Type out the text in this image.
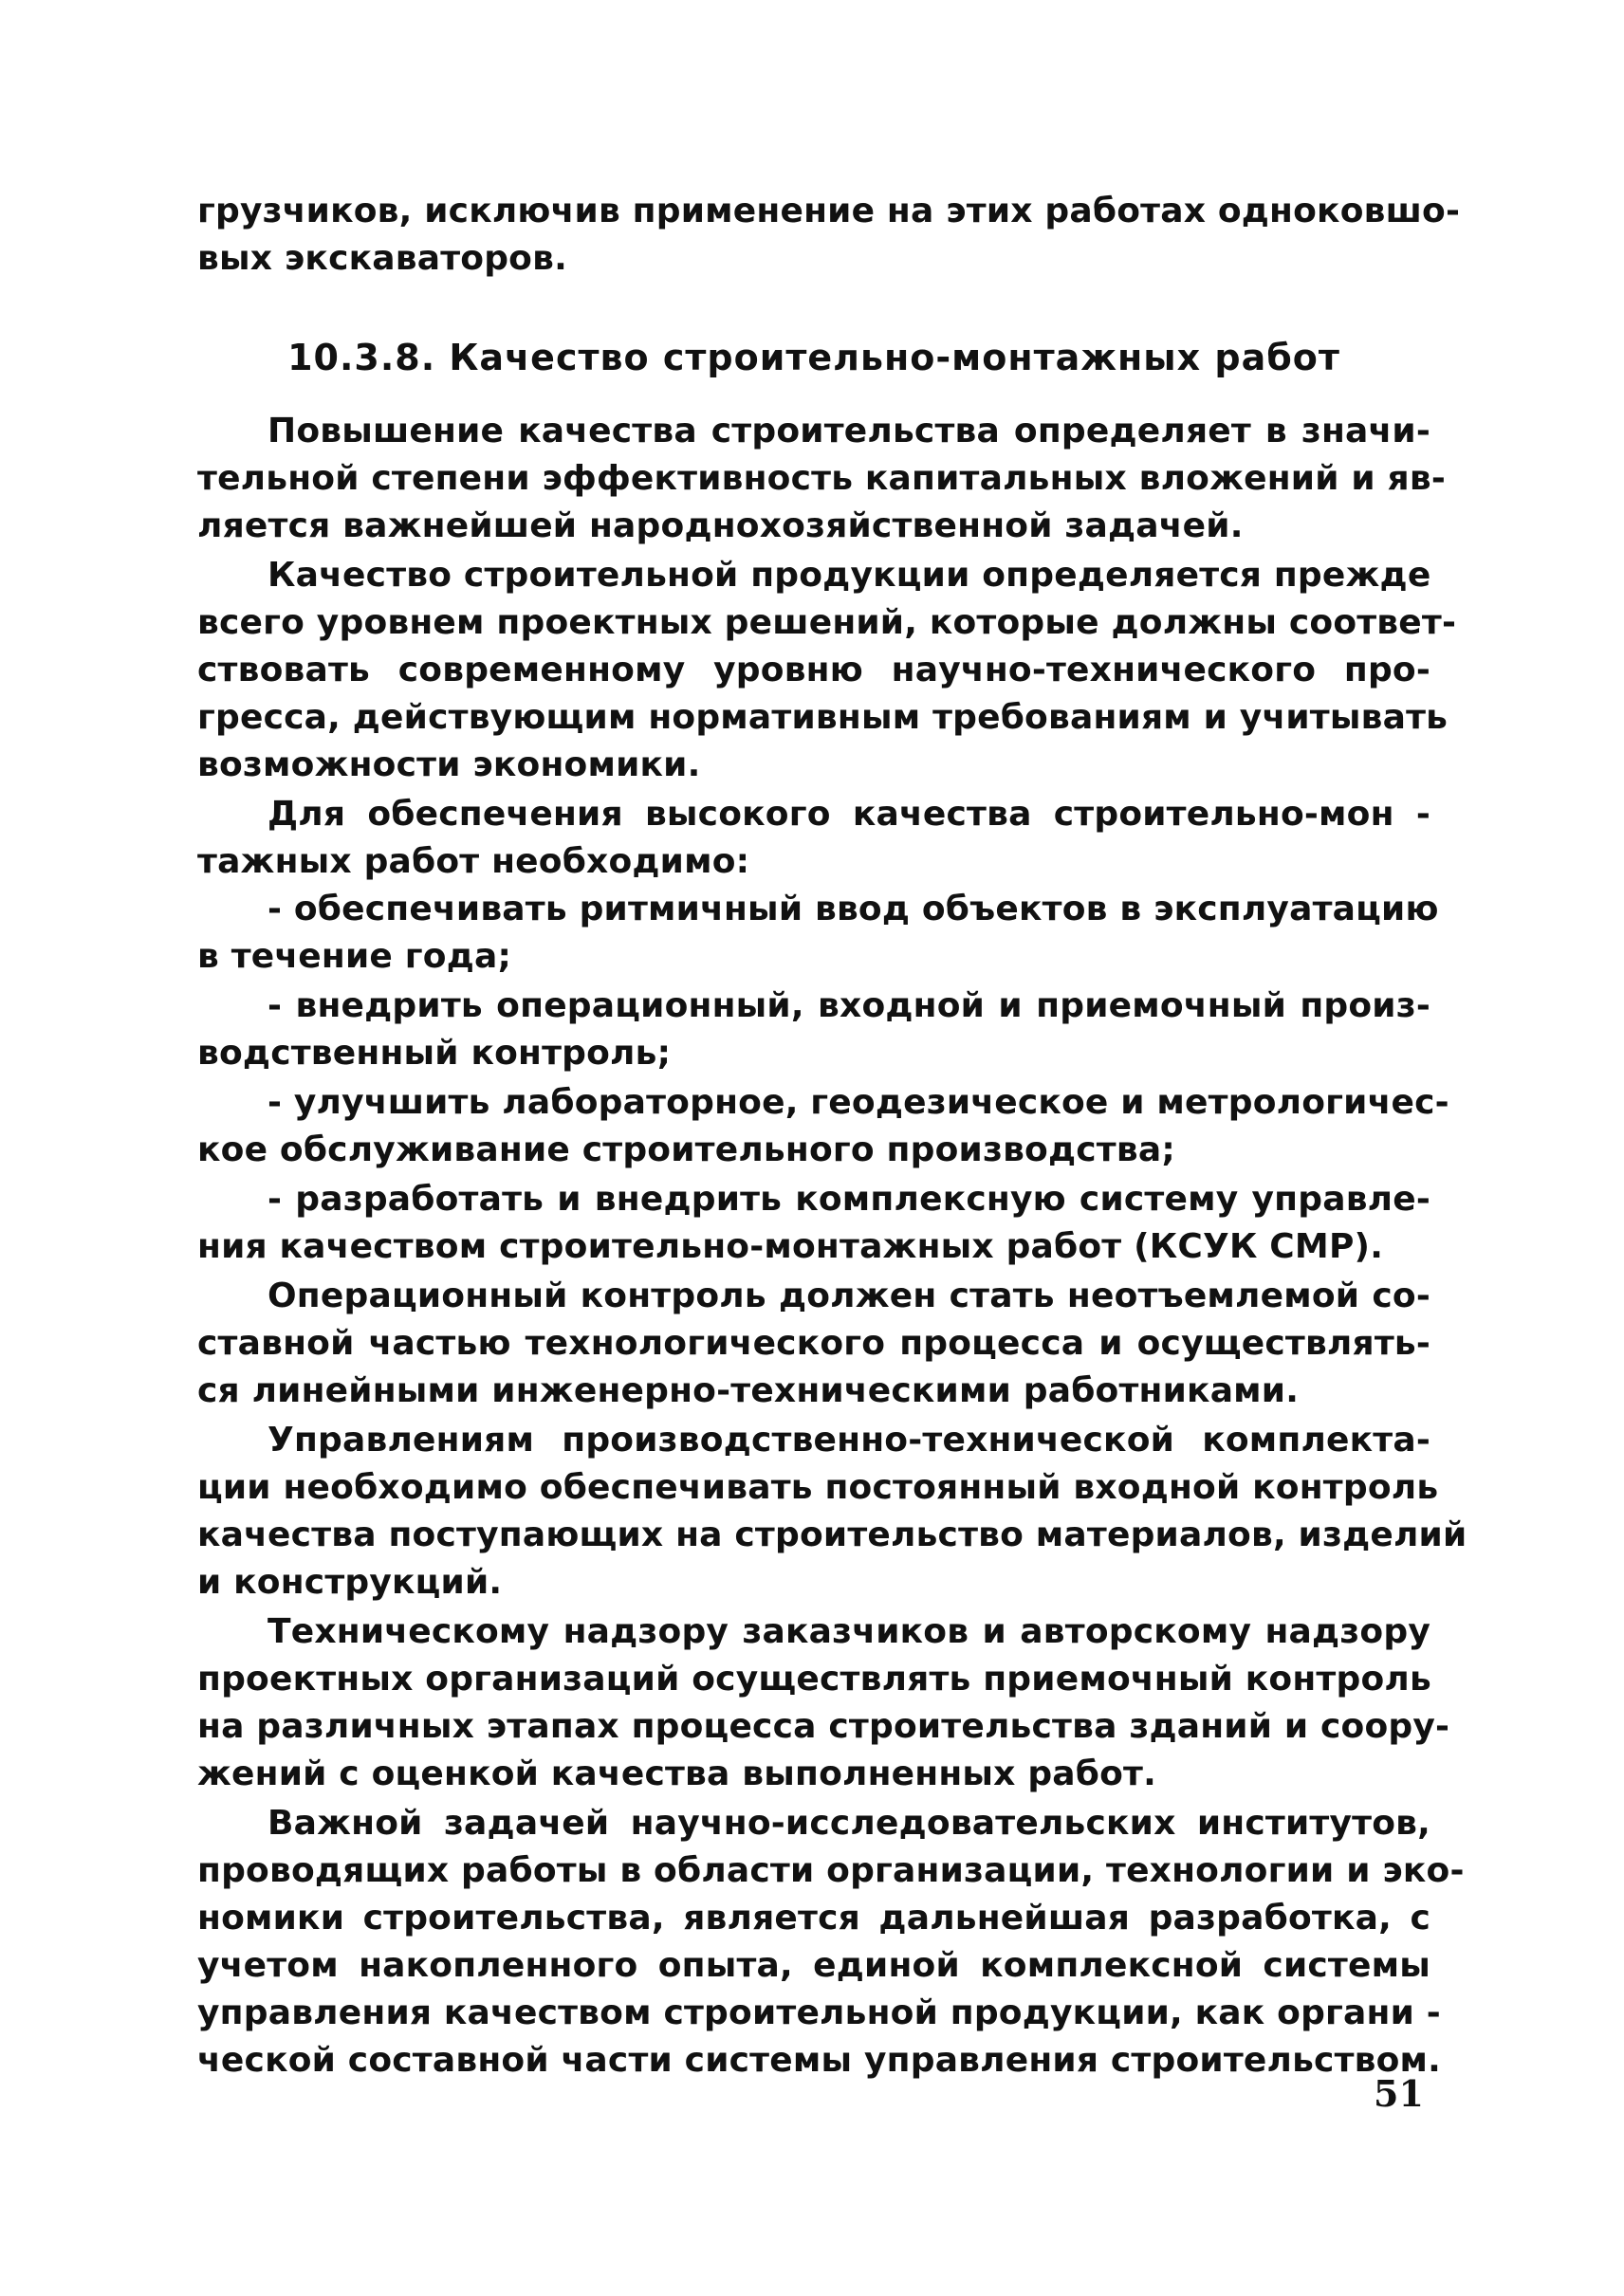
грузчиков, исключив применение на этих работах одноковшо-
вых экскаваторов.
10.3.8. Качество строительно-монтажных работ
Повышение качества строительства определяет в значи-
тельной степени эффективность капитальных вложений и яв-
ляется важнейшей народнохозяйственной задачей.
Качество строительной продукции определяется прежде
всего уровнем проектных решений, которые должны соответ-
ствовать современному уровню научно-технического про-
гресса, действующим нормативным требованиям и учитывать
возможности экономики.
Для обеспечения высокого качества строительно-мон -
тажных работ необходимо:
- обеспечивать ритмичный ввод объектов в эксплуатацию
в течение года;
- внедрить операционный, входной и приемочный произ-
водственный контроль;
- улучшить лабораторное, геодезическое и метрологичес-
кое обслуживание строительного производства;
- разработать и внедрить комплексную систему управле-
ния качеством строительно-монтажных работ (КСУК СМР).
Операционный контроль должен стать неотъемлемой со-
ставной частью технологического процесса и осуществлять-
ся линейными инженерно-техническими работниками.
Управлениям производственно-технической комплекта-
ции необходимо обеспечивать постоянный входной контроль
качества поступающих на строительство материалов, изделий
и конструкций.
Техническому надзору заказчиков и авторскому надзору
проектных организаций осуществлять приемочный контроль
на различных этапах процесса строительства зданий и соору-
жений с оценкой качества выполненных работ.
Важной задачей научно-исследовательских институтов,
проводящих работы в области организации, технологии и эко-
номики строительства, является дальнейшая разработка, с
учетом накопленного опыта, единой комплексной системы
управления качеством строительной продукции, как органи -
ческой составной части системы управления строительством.
51
